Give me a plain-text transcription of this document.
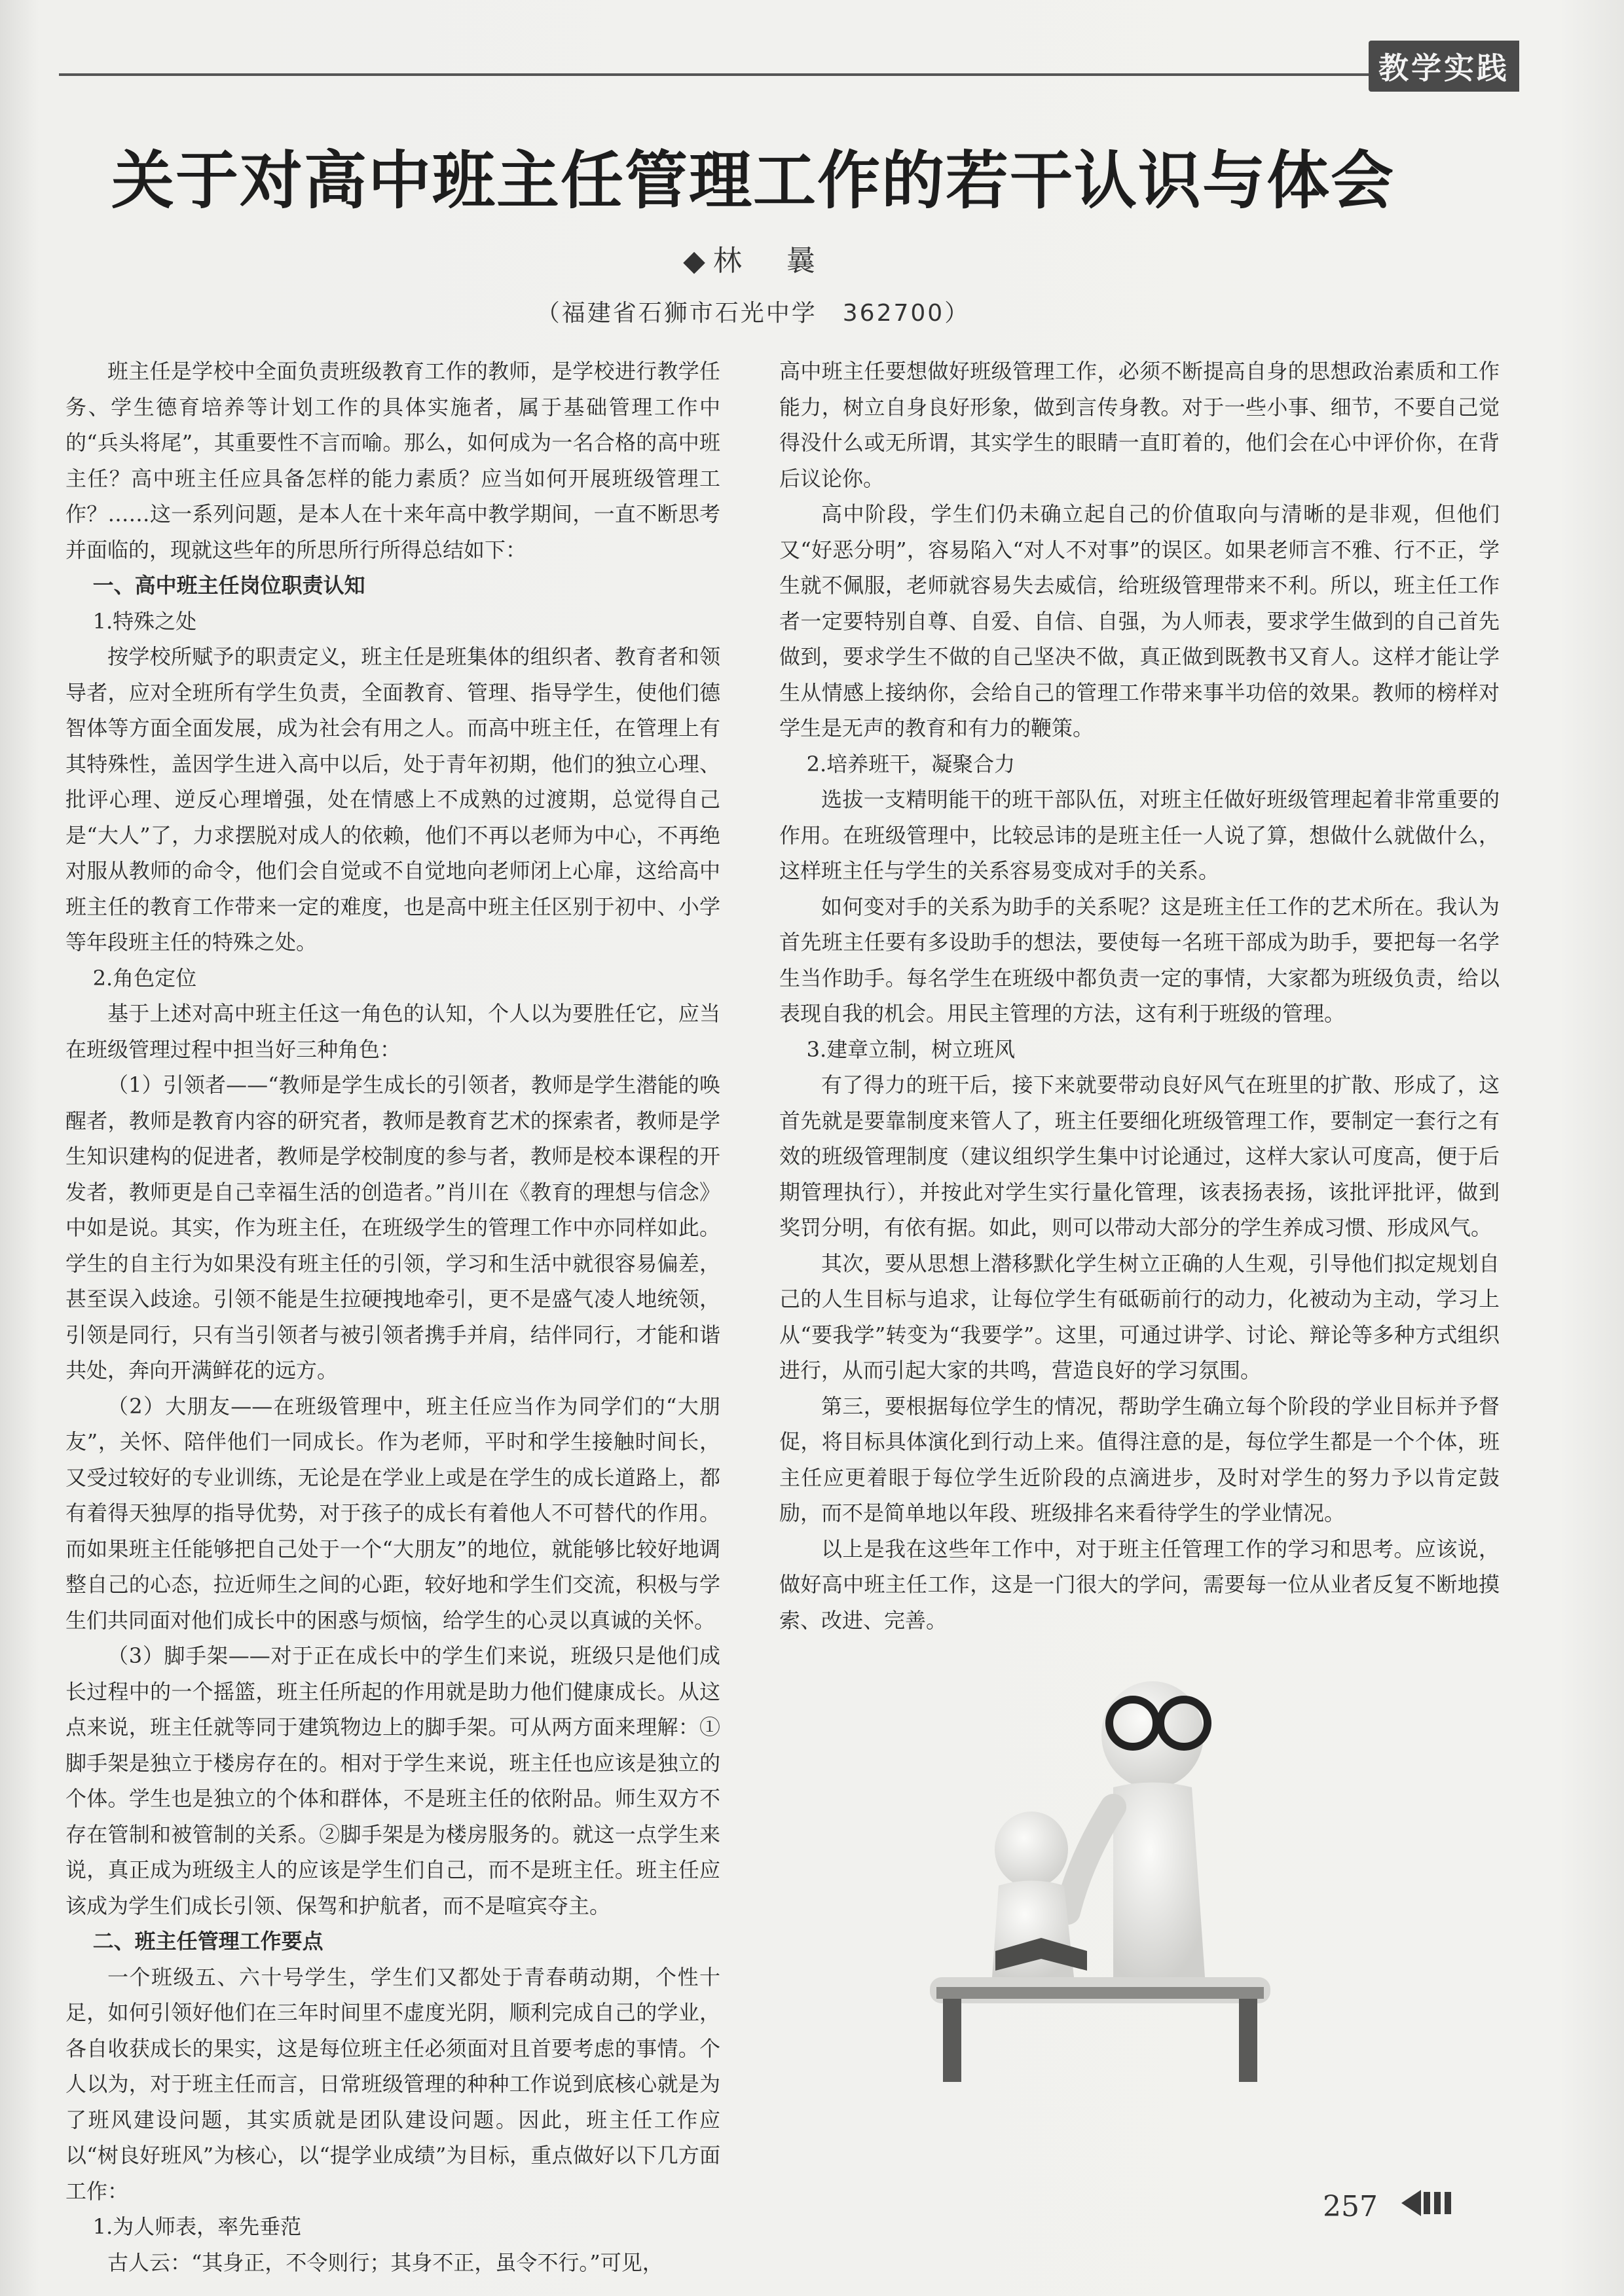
教学实践
关于对高中班主任管理工作的若干认识与体会
◆林　曩
（福建省石狮市石光中学　362700）

班主任是学校中全面负责班级教育工作的教师，是学校进行教学任务、学生德育培养等计划工作的具体实施者，属于基础管理工作中的“兵头将尾”，其重要性不言而喻。那么，如何成为一名合格的高中班主任？高中班主任应具备怎样的能力素质？应当如何开展班级管理工作？……这一系列问题，是本人在十来年高中教学期间，一直不断思考并面临的，现就这些年的所思所行所得总结如下：

一、高中班主任岗位职责认知

1.特殊之处

按学校所赋予的职责定义，班主任是班集体的组织者、教育者和领导者，应对全班所有学生负责，全面教育、管理、指导学生，使他们德智体等方面全面发展，成为社会有用之人。而高中班主任，在管理上有其特殊性，盖因学生进入高中以后，处于青年初期，他们的独立心理、批评心理、逆反心理增强，处在情感上不成熟的过渡期，总觉得自己是“大人”了，力求摆脱对成人的依赖，他们不再以老师为中心，不再绝对服从教师的命令，他们会自觉或不自觉地向老师闭上心扉，这给高中班主任的教育工作带来一定的难度，也是高中班主任区别于初中、小学等年段班主任的特殊之处。

2.角色定位

基于上述对高中班主任这一角色的认知，个人以为要胜任它，应当在班级管理过程中担当好三种角色：

（1）引领者——“教师是学生成长的引领者，教师是学生潜能的唤醒者，教师是教育内容的研究者，教师是教育艺术的探索者，教师是学生知识建构的促进者，教师是学校制度的参与者，教师是校本课程的开发者，教师更是自己幸福生活的创造者。”肖川在《教育的理想与信念》中如是说。其实，作为班主任，在班级学生的管理工作中亦同样如此。学生的自主行为如果没有班主任的引领，学习和生活中就很容易偏差，甚至误入歧途。引领不能是生拉硬拽地牵引，更不是盛气凌人地统领，引领是同行，只有当引领者与被引领者携手并肩，结伴同行，才能和谐共处，奔向开满鲜花的远方。

（2）大朋友——在班级管理中，班主任应当作为同学们的“大朋友”，关怀、陪伴他们一同成长。作为老师，平时和学生接触时间长，又受过较好的专业训练，无论是在学业上或是在学生的成长道路上，都有着得天独厚的指导优势，对于孩子的成长有着他人不可替代的作用。而如果班主任能够把自己处于一个“大朋友”的地位，就能够比较好地调整自己的心态，拉近师生之间的心距，较好地和学生们交流，积极与学生们共同面对他们成长中的困惑与烦恼，给学生的心灵以真诚的关怀。

（3）脚手架——对于正在成长中的学生们来说，班级只是他们成长过程中的一个摇篮，班主任所起的作用就是助力他们健康成长。从这点来说，班主任就等同于建筑物边上的脚手架。可从两方面来理解：①脚手架是独立于楼房存在的。相对于学生来说，班主任也应该是独立的个体。学生也是独立的个体和群体，不是班主任的依附品。师生双方不存在管制和被管制的关系。②脚手架是为楼房服务的。就这一点学生来说，真正成为班级主人的应该是学生们自己，而不是班主任。班主任应该成为学生们成长引领、保驾和护航者，而不是喧宾夺主。

二、班主任管理工作要点

一个班级五、六十号学生，学生们又都处于青春萌动期，个性十足，如何引领好他们在三年时间里不虚度光阴，顺利完成自己的学业，各自收获成长的果实，这是每位班主任必须面对且首要考虑的事情。个人以为，对于班主任而言，日常班级管理的种种工作说到底核心就是为了班风建设问题，其实质就是团队建设问题。因此，班主任工作应以“树良好班风”为核心，以“提学业成绩”为目标，重点做好以下几方面工作：

1.为人师表，率先垂范

古人云：“其身正，不令则行；其身不正，虽令不行。”可见，

高中班主任要想做好班级管理工作，必须不断提高自身的思想政治素质和工作能力，树立自身良好形象，做到言传身教。对于一些小事、细节，不要自己觉得没什么或无所谓，其实学生的眼睛一直盯着的，他们会在心中评价你，在背后议论你。

高中阶段，学生们仍未确立起自己的价值取向与清晰的是非观，但他们又“好恶分明”，容易陷入“对人不对事”的误区。如果老师言不雅、行不正，学生就不佩服，老师就容易失去威信，给班级管理带来不利。所以，班主任工作者一定要特别自尊、自爱、自信、自强，为人师表，要求学生做到的自己首先做到，要求学生不做的自己坚决不做，真正做到既教书又育人。这样才能让学生从情感上接纳你，会给自己的管理工作带来事半功倍的效果。教师的榜样对学生是无声的教育和有力的鞭策。

2.培养班干，凝聚合力

选拔一支精明能干的班干部队伍，对班主任做好班级管理起着非常重要的作用。在班级管理中，比较忌讳的是班主任一人说了算，想做什么就做什么，这样班主任与学生的关系容易变成对手的关系。

如何变对手的关系为助手的关系呢？这是班主任工作的艺术所在。我认为首先班主任要有多设助手的想法，要使每一名班干部成为助手，要把每一名学生当作助手。每名学生在班级中都负责一定的事情，大家都为班级负责，给以表现自我的机会。用民主管理的方法，这有利于班级的管理。

3.建章立制，树立班风

有了得力的班干后，接下来就要带动良好风气在班里的扩散、形成了，这首先就是要靠制度来管人了，班主任要细化班级管理工作，要制定一套行之有效的班级管理制度（建议组织学生集中讨论通过，这样大家认可度高，便于后期管理执行），并按此对学生实行量化管理，该表扬表扬，该批评批评，做到奖罚分明，有依有据。如此，则可以带动大部分的学生养成习惯、形成风气。

其次，要从思想上潜移默化学生树立正确的人生观，引导他们拟定规划自己的人生目标与追求，让每位学生有砥砺前行的动力，化被动为主动，学习上从“要我学”转变为“我要学”。这里，可通过讲学、讨论、辩论等多种方式组织进行，从而引起大家的共鸣，营造良好的学习氛围。

第三，要根据每位学生的情况，帮助学生确立每个阶段的学业目标并予督促，将目标具体演化到行动上来。值得注意的是，每位学生都是一个个体，班主任应更着眼于每位学生近阶段的点滴进步，及时对学生的努力予以肯定鼓励，而不是简单地以年段、班级排名来看待学生的学业情况。

以上是我在这些年工作中，对于班主任管理工作的学习和思考。应该说，做好高中班主任工作，这是一门很大的学问，需要每一位从业者反复不断地摸索、改进、完善。

257
